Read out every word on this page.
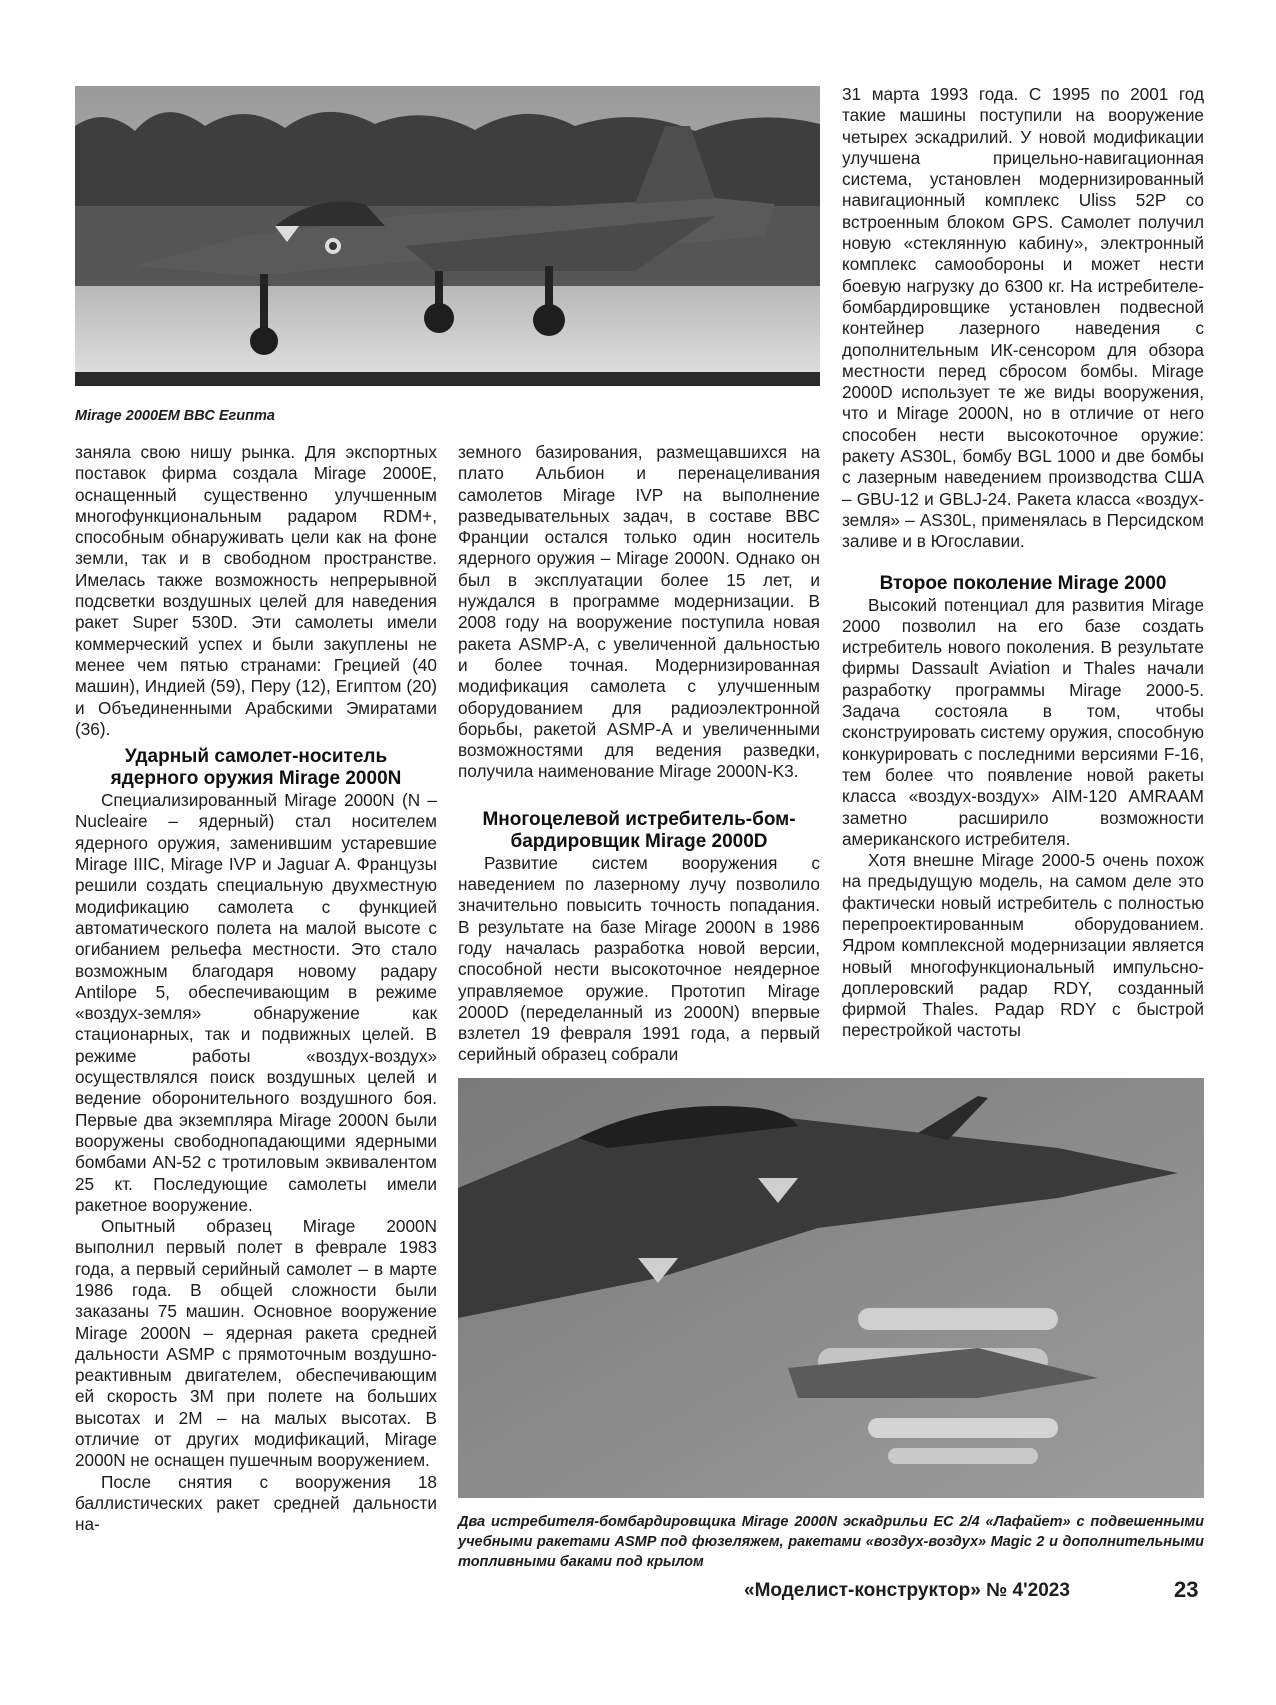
Mirage 2000EM ВВС Египта

заняла свою нишу рынка. Для экспортных поставок фирма создала Mirage 2000E, оснащенный существенно улучшенным многофункциональным радаром RDM+, способным обнаруживать цели как на фоне земли, так и в свободном пространстве. Имелась также возможность непрерывной подсветки воздушных целей для наведения ракет Super 530D. Эти самолеты имели коммерческий успех и были закуплены не менее чем пятью странами: Грецией (40 машин), Индией (59), Перу (12), Египтом (20) и Объединенными Арабскими Эмиратами (36).

Ударный самолет-носитель
ядерного оружия Mirage 2000N

Специализированный Mirage 2000N (N – Nucleaire – ядерный) стал носителем ядерного оружия, заменившим устаревшие Mirage IIIC, Mirage IVP и Jaguar A. Французы решили создать специальную двухместную модификацию самолета с функцией автоматического полета на малой высоте с огибанием рельефа местности. Это стало возможным благодаря новому радару Antilope 5, обеспечивающим в режиме «воздух-земля» обнаружение как стационарных, так и подвижных целей. В режиме работы «воздух-воздух» осуществлялся поиск воздушных целей и ведение оборонительного воздушного боя. Первые два экземпляра Mirage 2000N были вооружены свободнопадающими ядерными бомбами AN-52 с тротиловым эквивалентом 25 кт. Последующие самолеты имели ракетное вооружение.

Опытный образец Mirage 2000N выполнил первый полет в феврале 1983 года, а первый серийный самолет – в марте 1986 года. В общей сложности были заказаны 75 машин. Основное вооружение Mirage 2000N – ядерная ракета средней дальности ASMP с прямоточным воздушно-реактивным двигателем, обеспечивающим ей скорость 3М при полете на больших высотах и 2М – на малых высотах. В отличие от других модификаций, Mirage 2000N не оснащен пушечным вооружением.

После снятия с вооружения 18 баллистических ракет средней дальности на-

земного базирования, размещавшихся на плато Альбион и перенацеливания самолетов Mirage IVP на выполнение разведывательных задач, в составе ВВС Франции остался только один носитель ядерного оружия – Mirage 2000N. Однако он был в эксплуатации более 15 лет, и нуждался в программе модернизации. В 2008 году на вооружение поступила новая ракета ASMP-A, с увеличенной дальностью и более точная. Модернизированная модификация самолета с улучшенным оборудованием для радиоэлектронной борьбы, ракетой ASMP-A и увеличенными возможностями для ведения разведки, получила наименование Mirage 2000N-K3.

Многоцелевой истребитель-бом-
бардировщик Mirage 2000D

Развитие систем вооружения с наведением по лазерному лучу позволило значительно повысить точность попадания. В результате на базе Mirage 2000N в 1986 году началась разработка новой версии, способной нести высокоточное неядерное управляемое оружие. Прототип Mirage 2000D (переделанный из 2000N) впервые взлетел 19 февраля 1991 года, а первый серийный образец собрали

31 марта 1993 года. С 1995 по 2001 год такие машины поступили на вооружение четырех эскадрилий. У новой модификации улучшена прицельно-навигационная система, установлен модернизированный навигационный комплекс Uliss 52P со встроенным блоком GPS. Самолет получил новую «стеклянную кабину», электронный комплекс самообороны и может нести боевую нагрузку до 6300 кг. На истребителе-бомбардировщике установлен подвесной контейнер лазерного наведения с дополнительным ИК-сенсором для обзора местности перед сбросом бомбы. Mirage 2000D использует те же виды вооружения, что и Mirage 2000N, но в отличие от него способен нести высокоточное оружие: ракету AS30L, бомбу BGL 1000 и две бомбы с лазерным наведением производства США – GBU-12 и GBLJ-24. Ракета класса «воздух-земля» – AS30L, применялась в Персидском заливе и в Югославии.

Второе поколение Mirage 2000

Высокий потенциал для развития Mirage 2000 позволил на его базе создать истребитель нового поколения. В результате фирмы Dassault Aviation и Thales начали разработку программы Mirage 2000-5. Задача состояла в том, чтобы сконструировать систему оружия, способную конкурировать с последними версиями F-16, тем более что появление новой ракеты класса «воздух-воздух» AIM-120 AMRAAM заметно расширило возможности американского истребителя.

Хотя внешне Mirage 2000-5 очень похож на предыдущую модель, на самом деле это фактически новый истребитель с полностью перепроектированным оборудованием. Ядром комплексной модернизации является новый многофункциональный импульсно-доплеровский радар RDY, созданный фирмой Thales. Радар RDY с быстрой перестройкой частоты

Два истребителя-бомбардировщика Mirage 2000N эскадрильи EC 2/4 «Лафайет» с подвешенными учебными ракетами ASMP под фюзеляжем, ракетами «воздух-воздух» Magic 2 и дополнительными топливными баками под крылом
«Моделист-конструктор» № 4'2023	23
